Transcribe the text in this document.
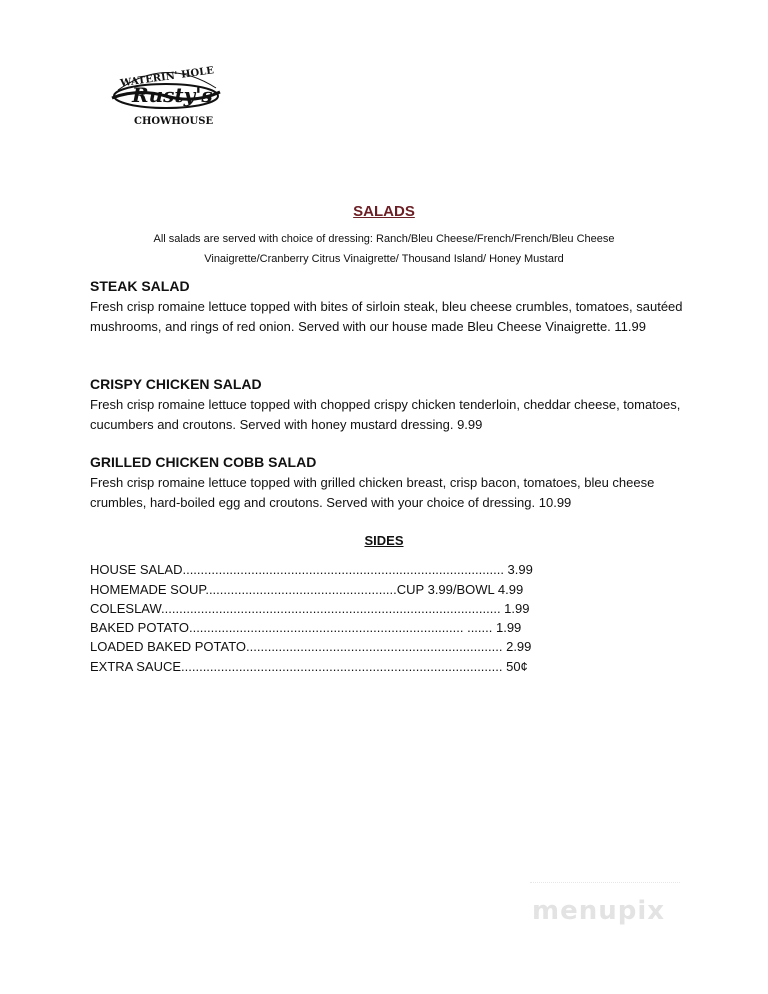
WATERIN' HOLE
Rusty's
CHOWHOUSE
SALADS
All salads are served with choice of dressing: Ranch/Bleu Cheese/French/French/Bleu Cheese
Vinaigrette/Cranberry Citrus Vinaigrette/ Thousand Island/ Honey Mustard
STEAK SALAD
Fresh crisp romaine lettuce topped with bites of sirloin steak, bleu cheese crumbles, tomatoes, sautéed mushrooms, and rings of red onion. Served with our house made Bleu Cheese Vinaigrette. 11.99
CRISPY CHICKEN SALAD
Fresh crisp romaine lettuce topped with chopped crispy chicken tenderloin, cheddar cheese, tomatoes, cucumbers and croutons. Served with honey mustard dressing. 9.99
GRILLED CHICKEN COBB SALAD
Fresh crisp romaine lettuce topped with grilled chicken breast, crisp bacon, tomatoes, bleu cheese crumbles, hard-boiled egg and croutons. Served with your choice of dressing. 10.99
SIDES
HOUSE SALAD......................................................................................... 3.99
HOMEMADE SOUP.....................................................CUP 3.99/BOWL 4.99
COLESLAW.............................................................................................. 1.99
BAKED POTATO............................................................................ ....... 1.99
LOADED BAKED POTATO....................................................................... 2.99
EXTRA SAUCE......................................................................................... 50¢
menupix
